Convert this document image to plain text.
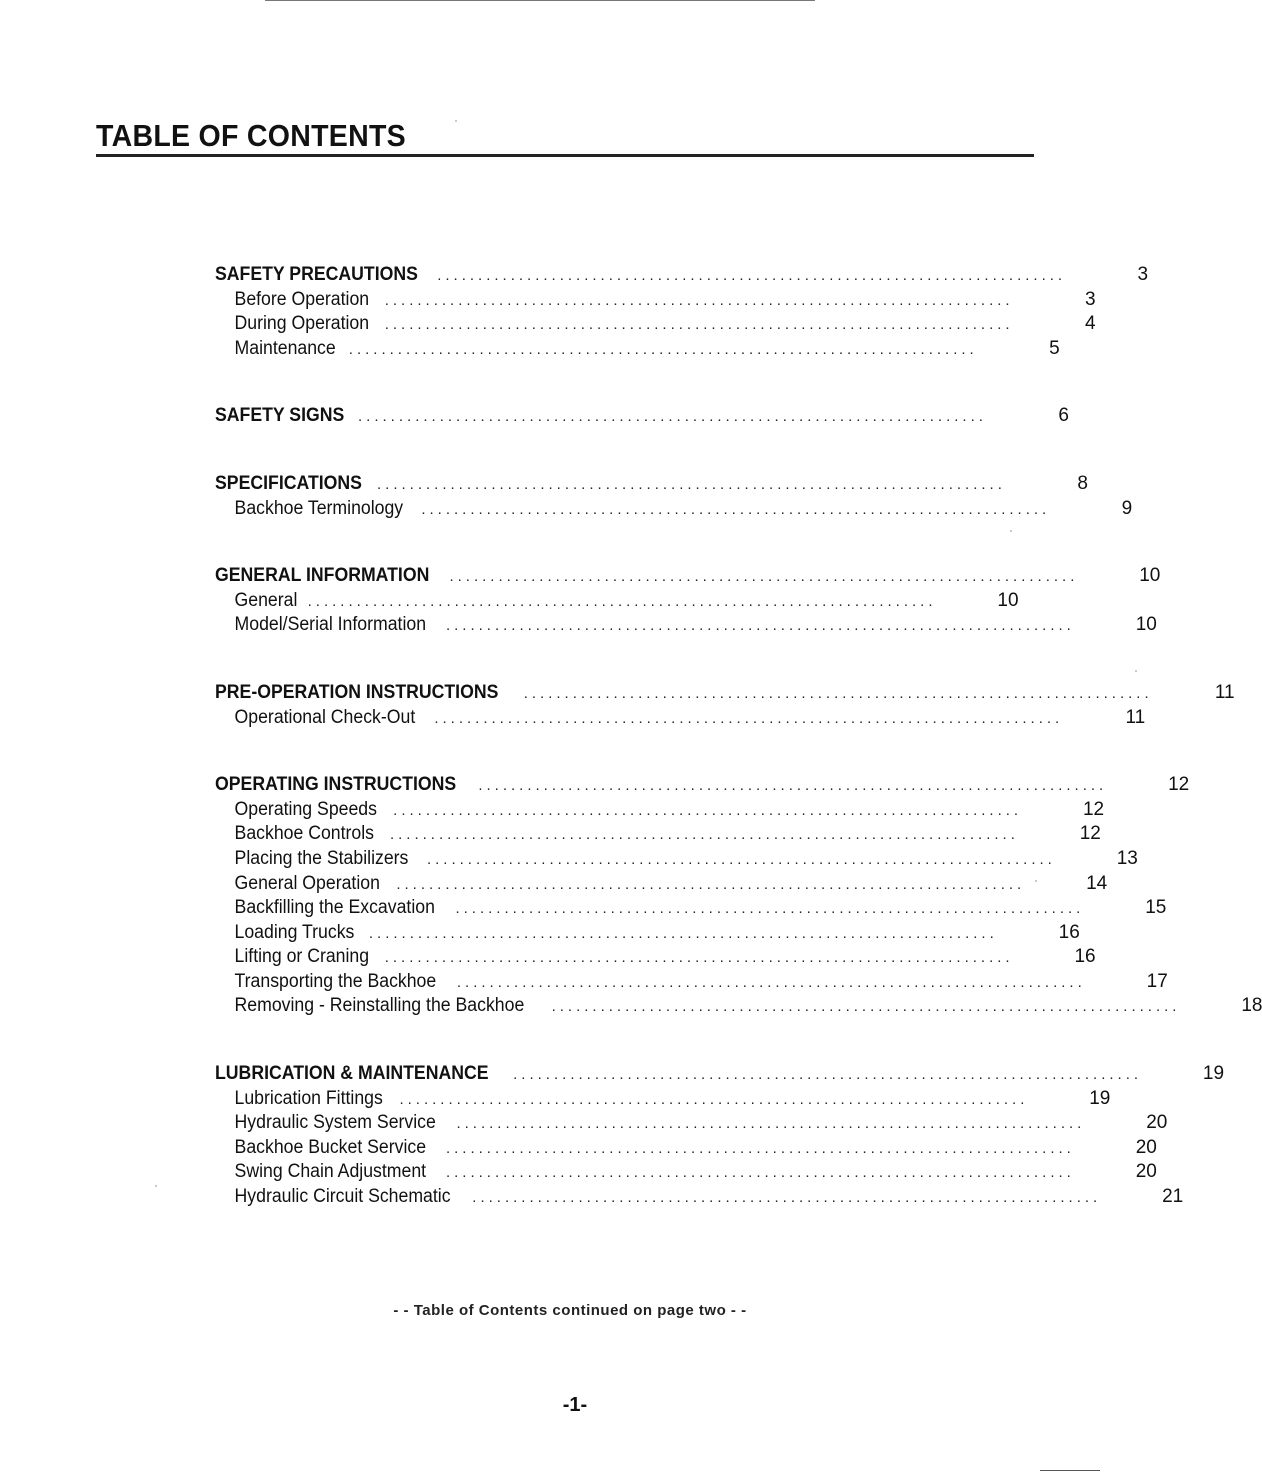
TABLE OF CONTENTS
SAFETY PRECAUTIONS .............................................................................	3
Before Operation .............................................................................	3
During Operation .............................................................................	4
Maintenance .............................................................................	5
SAFETY SIGNS .............................................................................	6
SPECIFICATIONS .............................................................................	8
Backhoe Terminology .............................................................................	9
GENERAL INFORMATION .............................................................................	10
General .............................................................................	10
Model/Serial Information .............................................................................	10
PRE-OPERATION INSTRUCTIONS .............................................................................	11
Operational Check-Out .............................................................................	11
OPERATING INSTRUCTIONS .............................................................................	12
Operating Speeds .............................................................................	12
Backhoe Controls .............................................................................	12
Placing the Stabilizers .............................................................................	13
General Operation .............................................................................	14
Backfilling the Excavation .............................................................................	15
Loading Trucks .............................................................................	16
Lifting or Craning .............................................................................	16
Transporting the Backhoe .............................................................................	17
Removing - Reinstalling the Backhoe .............................................................................	18
LUBRICATION & MAINTENANCE .............................................................................	19
Lubrication Fittings .............................................................................	19
Hydraulic System Service .............................................................................	20
Backhoe Bucket Service .............................................................................	20
Swing Chain Adjustment .............................................................................	20
Hydraulic Circuit Schematic .............................................................................	21
- - Table of Contents continued on page two - -
-1-
